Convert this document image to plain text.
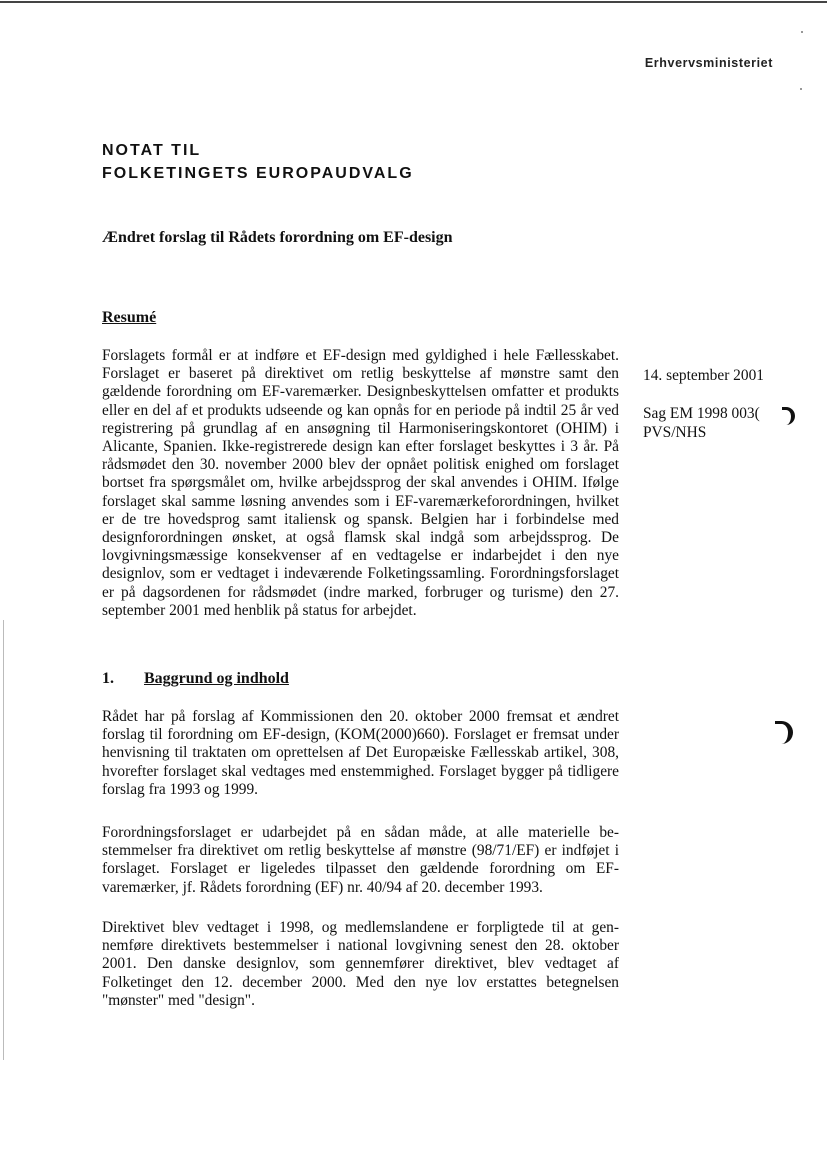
Erhvervsministeriet
NOTAT TIL
FOLKETINGETS EUROPAUDVALG
Ændret forslag til Rådets forordning om EF-design
Resumé
Forslagets formål er at indføre et EF-design med gyldighed i hele Fællesskabet. Forslaget er baseret på direktivet om retlig beskyttelse af mønstre samt den gældende forordning om EF-varemærker. Designbeskyttelsen omfatter et produkts eller en del af et produkts udseende og kan opnås for en periode på indtil 25 år ved registrering på grundlag af en ansøgning til Harmoniseringskontoret (OHIM) i Alicante, Spanien. Ikke-registrerede design kan efter forslaget beskyttes i 3 år. På rådsmødet den 30. november 2000 blev der opnået politisk enighed om forslaget bortset fra spørgsmålet om, hvilke arbejdssprog der skal anvendes i OHIM. Ifølge forslaget skal samme løsning anvendes som i EF-varemærkeforordningen, hvilket er de tre hovedsprog samt italiensk og spansk. Belgien har i forbindelse med designforordningen ønsket, at også flamsk skal indgå som arbejdssprog. De lovgivningsmæssige konsekvenser af en vedtagelse er indarbejdet i den nye designlov, som er vedtaget i indeværende Folketingssamling. Forordningsforslaget er på dagsordenen for rådsmødet (indre marked, forbruger og turisme) den 27. september 2001 med henblik på status for arbejdet.
14. september 2001
Sag EM 1998 003(
PVS/NHS
1. Baggrund og indhold
Rådet har på forslag af Kommissionen den 20. oktober 2000 fremsat et ændret forslag til forordning om EF-design, (KOM(2000)660). Forslaget er fremsat under henvisning til traktaten om oprettelsen af Det Europæiske Fællesskab artikel, 308, hvorefter forslaget skal vedtages med enstemmighed. Forslaget bygger på tidligere forslag fra 1993 og 1999.
Forordningsforslaget er udarbejdet på en sådan måde, at alle materielle bestemmelser fra direktivet om retlig beskyttelse af mønstre (98/71/EF) er indføjet i forslaget. Forslaget er ligeledes tilpasset den gældende forordning om EF-varemærker, jf. Rådets forordning (EF) nr. 40/94 af 20. december 1993.
Direktivet blev vedtaget i 1998, og medlemslandene er forpligtede til at gennemføre direktivets bestemmelser i national lovgivning senest den 28. oktober 2001. Den danske designlov, som gennemfører direktivet, blev vedtaget af Folketinget den 12. december 2000. Med den nye lov erstattes betegnelsen "mønster" med "design".
